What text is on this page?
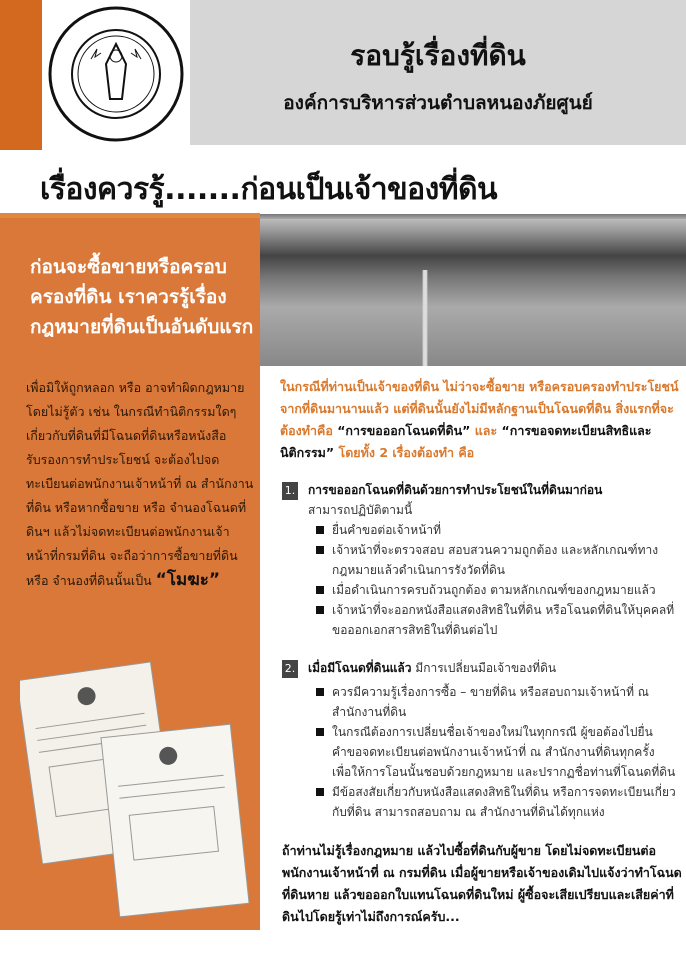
รอบรู้เรื่องที่ดิน
องค์การบริหารส่วนตำบลหนองภัยศูนย์
เรื่องควรรู้.......ก่อนเป็นเจ้าของที่ดิน
ก่อนจะซื้อขายหรือครอบครองที่ดิน เราควรรู้เรื่องกฎหมายที่ดินเป็นอันดับแรก
เพื่อมิให้ถูกหลอก หรือ อาจทำผิดกฎหมายโดยไม่รู้ตัว เช่น ในกรณีทำนิติกรรมใดๆ เกี่ยวกับที่ดินที่มีโฉนดที่ดินหรือหนังสือรับรองการทำประโยชน์ จะต้องไปจดทะเบียนต่อพนักงานเจ้าหน้าที่ ณ สำนักงานที่ดิน หรือหากซื้อขาย หรือ จำนองโฉนดที่ดินฯ แล้วไม่จดทะเบียนต่อพนักงานเจ้าหน้าที่กรมที่ดิน จะถือว่าการซื้อขายที่ดิน หรือ จำนองที่ดินนั้นเป็น “โมฆะ”
ในกรณีที่ท่านเป็นเจ้าของที่ดิน ไม่ว่าจะซื้อขาย หรือครอบครองทำประโยชน์จากที่ดินมานานแล้ว แต่ที่ดินนั้นยังไม่มีหลักฐานเป็นโฉนดที่ดิน สิ่งแรกที่จะต้องทำคือ “การขอออกโฉนดที่ดิน” และ “การขอจดทะเบียนสิทธิและนิติกรรม” โดยทั้ง 2 เรื่องต้องทำ คือ
1. การขอออกโฉนดที่ดินด้วยการทำประโยชน์ในที่ดินมาก่อน
สามารถปฏิบัติตามนี้
ยื่นคำขอต่อเจ้าหน้าที่
เจ้าหน้าที่จะตรวจสอบ สอบสวนความถูกต้อง และหลักเกณฑ์ทางกฎหมายแล้วดำเนินการรังวัดที่ดิน
เมื่อดำเนินการครบถ้วนถูกต้อง ตามหลักเกณฑ์ของกฎหมายแล้ว
เจ้าหน้าที่จะออกหนังสือแสดงสิทธิในที่ดิน หรือโฉนดที่ดินให้บุคคลที่ขอออกเอกสารสิทธิในที่ดินต่อไป
2. เมื่อมีโฉนดที่ดินแล้ว มีการเปลี่ยนมือเจ้าของที่ดิน
ควรมีความรู้เรื่องการซื้อ – ขายที่ดิน หรือสอบถามเจ้าหน้าที่ ณ สำนักงานที่ดิน
ในกรณีต้องการเปลี่ยนชื่อเจ้าของใหม่ในทุกกรณี ผู้ขอต้องไปยื่นคำขอจดทะเบียนต่อพนักงานเจ้าหน้าที่ ณ สำนักงานที่ดินทุกครั้ง เพื่อให้การโอนนั้นชอบด้วยกฎหมาย และปรากฏชื่อท่านที่โฉนดที่ดิน
มีข้อสงสัยเกี่ยวกับหนังสือแสดงสิทธิในที่ดิน หรือการจดทะเบียนเกี่ยวกับที่ดิน สามารถสอบถาม ณ สำนักงานที่ดินได้ทุกแห่ง
ถ้าท่านไม่รู้เรื่องกฎหมาย แล้วไปซื้อที่ดินกับผู้ขาย โดยไม่จดทะเบียนต่อพนักงานเจ้าหน้าที่ ณ กรมที่ดิน เมื่อผู้ขายหรือเจ้าของเดิมไปแจ้งว่าทำโฉนดที่ดินหาย แล้วขอออกใบแทนโฉนดที่ดินใหม่ ผู้ซื้อจะเสียเปรียบและเสียค่าที่ดินไปโดยรู้เท่าไม่ถึงการณ์ครับ...
